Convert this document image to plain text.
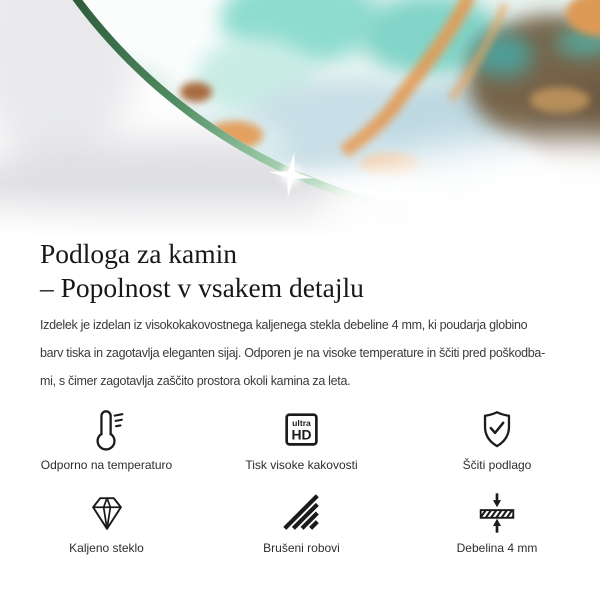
Podloga za kamin
– Popolnost v vsakem detajlu
Izdelek je izdelan iz visokokakovostnega kaljenega stekla debeline 4 mm, ki poudarja globino
barv tiska in zagotavlja eleganten sijaj. Odporen je na visoke temperature in ščiti pred poškodba-
mi, s čimer zagotavlja zaščito prostora okoli kamina za leta.
Odporno na temperaturo
ultra
HD
Tisk visoke kakovosti	Ščiti podlago
Kaljeno steklo	Brušeni robovi	Debelina 4 mm
